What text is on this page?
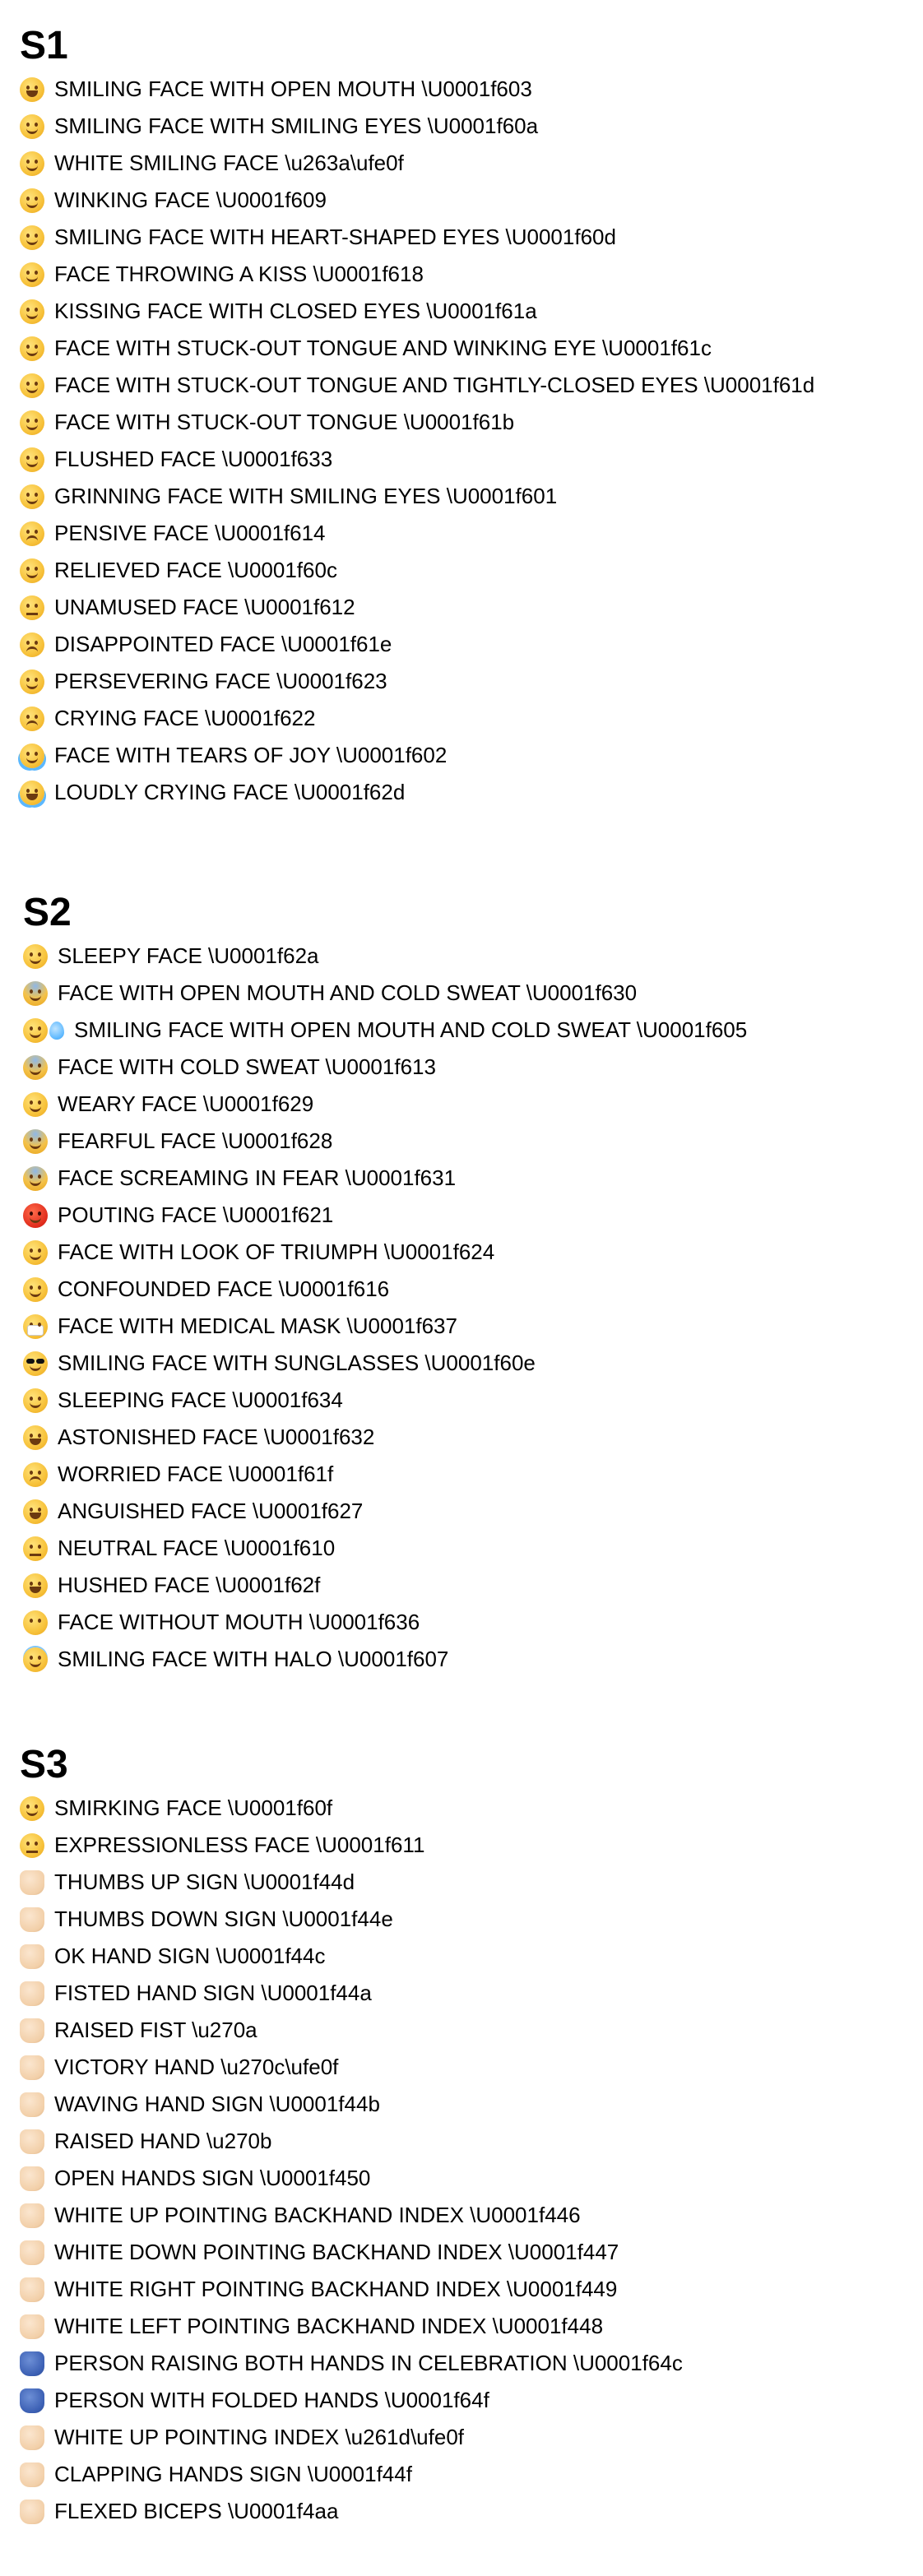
S1
SMILING FACE WITH OPEN MOUTH \U0001f603
SMILING FACE WITH SMILING EYES \U0001f60a
WHITE SMILING FACE \u263a\ufe0f
WINKING FACE \U0001f609
SMILING FACE WITH HEART-SHAPED EYES \U0001f60d
FACE THROWING A KISS \U0001f618
KISSING FACE WITH CLOSED EYES \U0001f61a
FACE WITH STUCK-OUT TONGUE AND WINKING EYE \U0001f61c
FACE WITH STUCK-OUT TONGUE AND TIGHTLY-CLOSED EYES \U0001f61d
FACE WITH STUCK-OUT TONGUE \U0001f61b
FLUSHED FACE \U0001f633
GRINNING FACE WITH SMILING EYES \U0001f601
PENSIVE FACE \U0001f614
RELIEVED FACE \U0001f60c
UNAMUSED FACE \U0001f612
DISAPPOINTED FACE \U0001f61e
PERSEVERING FACE \U0001f623
CRYING FACE \U0001f622
FACE WITH TEARS OF JOY \U0001f602
LOUDLY CRYING FACE \U0001f62d
S2
SLEEPY FACE \U0001f62a
FACE WITH OPEN MOUTH AND COLD SWEAT \U0001f630
SMILING FACE WITH OPEN MOUTH AND COLD SWEAT \U0001f605
FACE WITH COLD SWEAT \U0001f613
WEARY FACE \U0001f629
FEARFUL FACE \U0001f628
FACE SCREAMING IN FEAR \U0001f631
POUTING FACE \U0001f621
FACE WITH LOOK OF TRIUMPH \U0001f624
CONFOUNDED FACE \U0001f616
FACE WITH MEDICAL MASK \U0001f637
SMILING FACE WITH SUNGLASSES \U0001f60e
SLEEPING FACE \U0001f634
ASTONISHED FACE \U0001f632
WORRIED FACE \U0001f61f
ANGUISHED FACE \U0001f627
NEUTRAL FACE \U0001f610
HUSHED FACE \U0001f62f
FACE WITHOUT MOUTH \U0001f636
SMILING FACE WITH HALO \U0001f607
S3
SMIRKING FACE \U0001f60f
EXPRESSIONLESS FACE \U0001f611
THUMBS UP SIGN \U0001f44d
THUMBS DOWN SIGN \U0001f44e
OK HAND SIGN \U0001f44c
FISTED HAND SIGN \U0001f44a
RAISED FIST \u270a
VICTORY HAND \u270c\ufe0f
WAVING HAND SIGN \U0001f44b
RAISED HAND \u270b
OPEN HANDS SIGN \U0001f450
WHITE UP POINTING BACKHAND INDEX \U0001f446
WHITE DOWN POINTING BACKHAND INDEX \U0001f447
WHITE RIGHT POINTING BACKHAND INDEX \U0001f449
WHITE LEFT POINTING BACKHAND INDEX \U0001f448
PERSON RAISING BOTH HANDS IN CELEBRATION \U0001f64c
PERSON WITH FOLDED HANDS \U0001f64f
WHITE UP POINTING INDEX \u261d\ufe0f
CLAPPING HANDS SIGN \U0001f44f
FLEXED BICEPS \U0001f4aa
